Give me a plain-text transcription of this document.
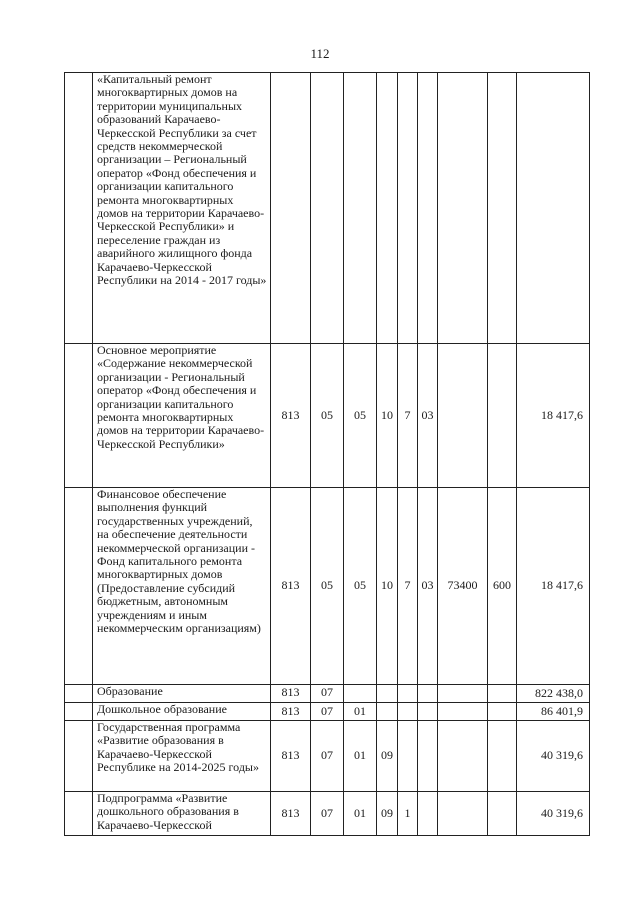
112
	«Капитальный ремонт многоквартирных домов на территории муниципальных образований Карачаево-Черкесской Республики за счет средств некоммерческой организации – Региональный оператор «Фонд обеспечения и организации капитального ремонта многоквартирных домов на территории Карачаево-Черкесской Республики» и переселение граждан из аварийного жилищного фонда Карачаево-Черкесской Республики на 2014 - 2017 годы»									
	Основное мероприятие «Содержание некоммерческой организации - Региональный оператор «Фонд обеспечения и организации капитального ремонта многоквартирных домов на территории Карачаево-Черкесской Республики»	813	05	05	10	7	03			18 417,6
	Финансовое обеспечение выполнения функций государственных учреждений, на обеспечение деятельности некоммерческой организации - Фонд капитального ремонта многоквартирных домов (Предоставление субсидий бюджетным, автономным учреждениям и иным некоммерческим организациям)	813	05	05	10	7	03	73400	600	18 417,6
	Образование	813	07							822 438,0
	Дошкольное образование	813	07	01						86 401,9
	Государственная программа «Развитие образования в Карачаево-Черкесской Республике на 2014-2025 годы»	813	07	01	09					40 319,6
	Подпрограмма «Развитие дошкольного образования в Карачаево-Черкесской	813	07	01	09	1				40 319,6
